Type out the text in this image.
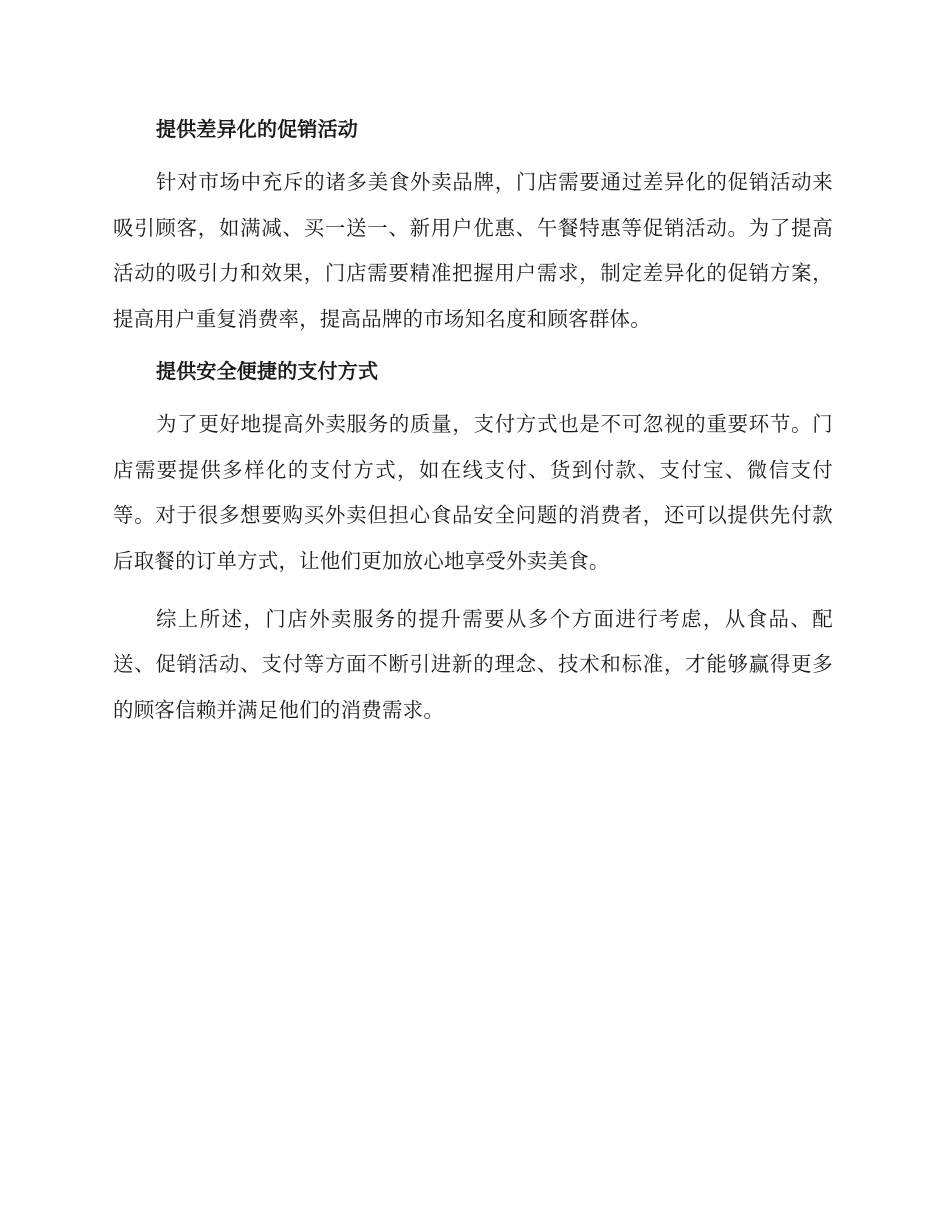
提供差异化的促销活动

针对市场中充斥的诸多美食外卖品牌，门店需要通过差异化的促销活动来吸引顾客，如满减、买一送一、新用户优惠、午餐特惠等促销活动。为了提高活动的吸引力和效果，门店需要精准把握用户需求，制定差异化的促销方案，提高用户重复消费率，提高品牌的市场知名度和顾客群体。

提供安全便捷的支付方式

为了更好地提高外卖服务的质量，支付方式也是不可忽视的重要环节。门店需要提供多样化的支付方式，如在线支付、货到付款、支付宝、微信支付等。对于很多想要购买外卖但担心食品安全问题的消费者，还可以提供先付款后取餐的订单方式，让他们更加放心地享受外卖美食。

综上所述，门店外卖服务的提升需要从多个方面进行考虑，从食品、配送、促销活动、支付等方面不断引进新的理念、技术和标准，才能够赢得更多的顾客信赖并满足他们的消费需求。
